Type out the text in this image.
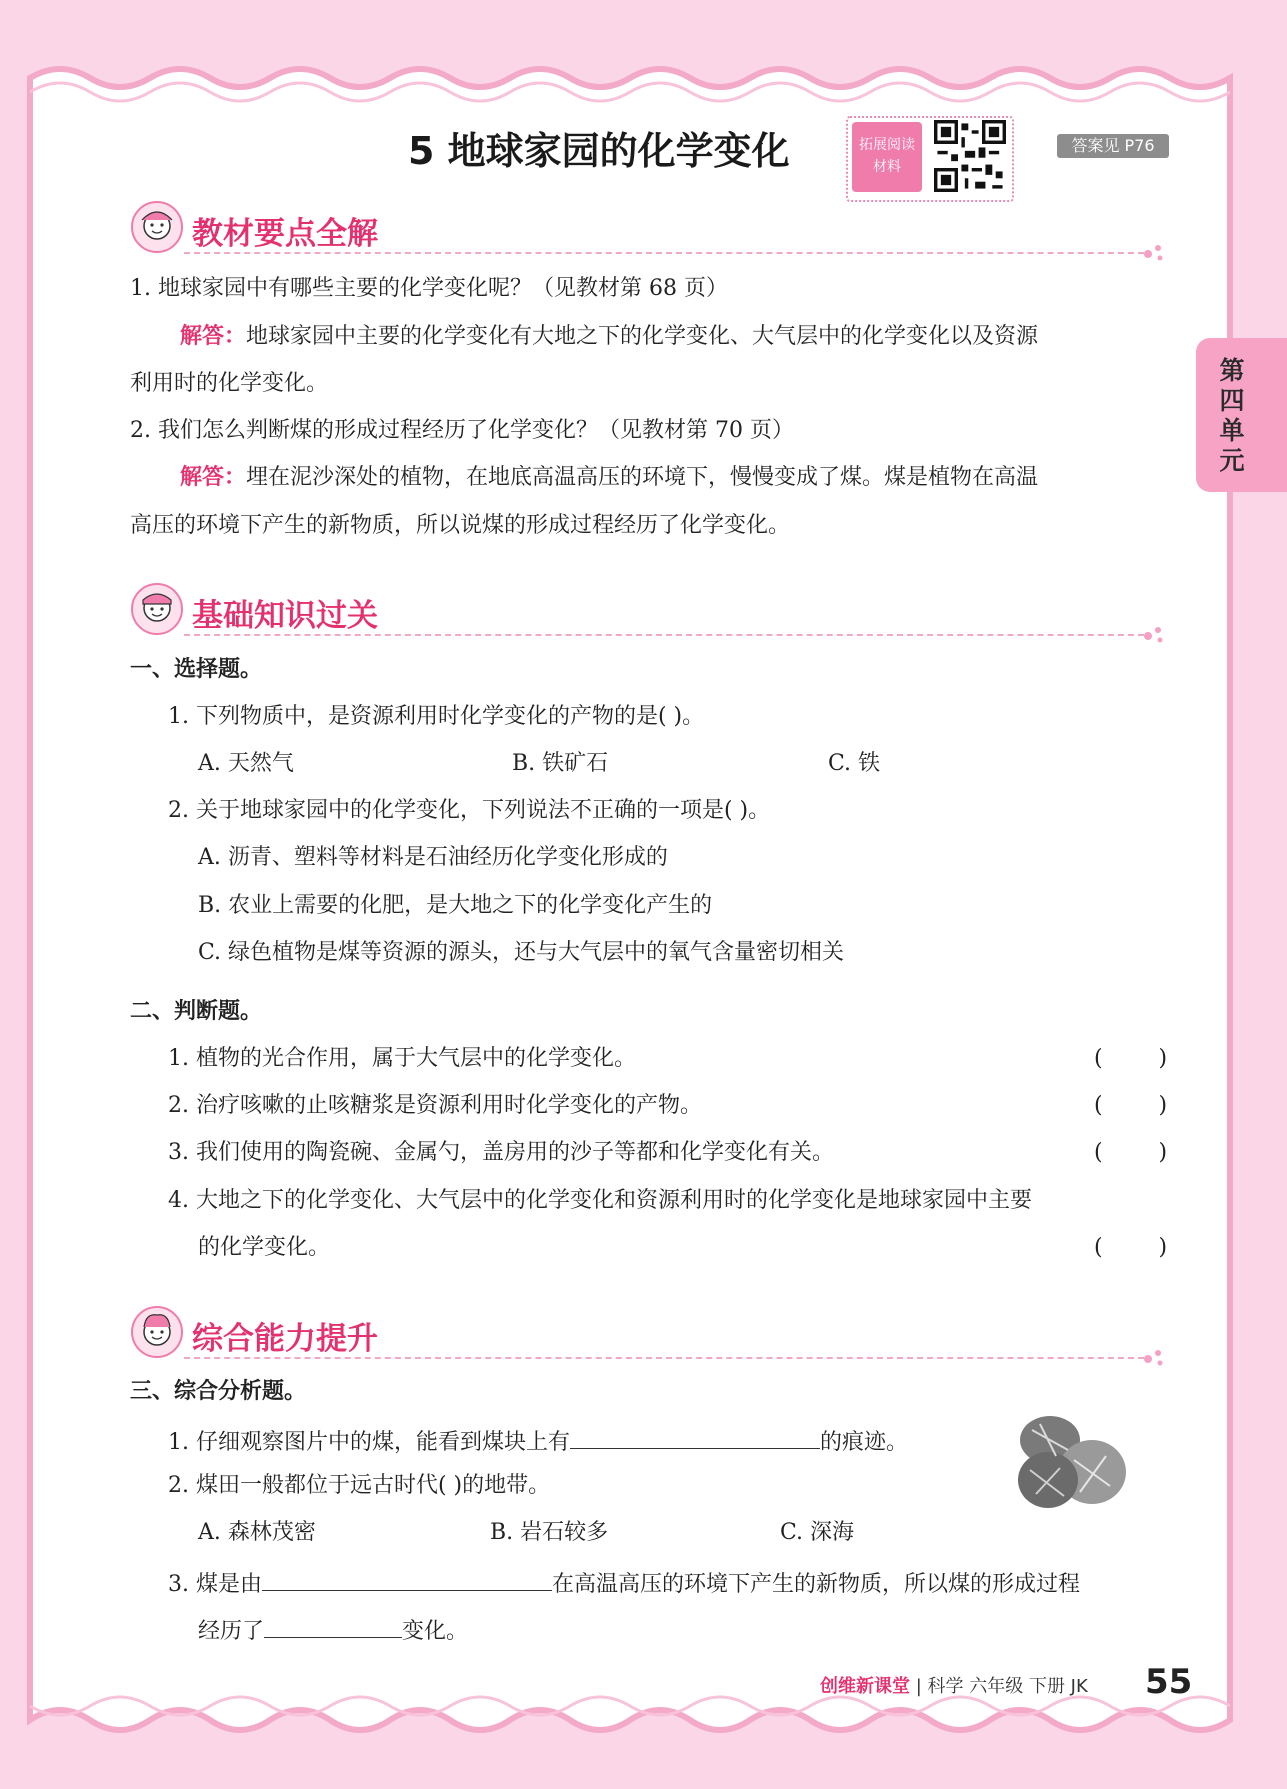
5 地球家园的化学变化	拓展阅读
材料
答案见 P76
第四单元
教材要点全解
1. 地球家园中有哪些主要的化学变化呢？（见教材第 68 页）
解答：地球家园中主要的化学变化有大地之下的化学变化、大气层中的化学变化以及资源
利用时的化学变化。
2. 我们怎么判断煤的形成过程经历了化学变化？（见教材第 70 页）
解答：埋在泥沙深处的植物，在地底高温高压的环境下，慢慢变成了煤。煤是植物在高温
高压的环境下产生的新物质，所以说煤的形成过程经历了化学变化。
基础知识过关
一、选择题。
1. 下列物质中，是资源利用时化学变化的产物的是( )。
A. 天然气	B. 铁矿石	C. 铁
2. 关于地球家园中的化学变化，下列说法不正确的一项是( )。
A. 沥青、塑料等材料是石油经历化学变化形成的
B. 农业上需要的化肥，是大地之下的化学变化产生的
C. 绿色植物是煤等资源的源头，还与大气层中的氧气含量密切相关
二、判断题。
1. 植物的光合作用，属于大气层中的化学变化。	(        )
2. 治疗咳嗽的止咳糖浆是资源利用时化学变化的产物。	(        )
3. 我们使用的陶瓷碗、金属勺，盖房用的沙子等都和化学变化有关。	(        )
4. 大地之下的化学变化、大气层中的化学变化和资源利用时的化学变化是地球家园中主要
的化学变化。	(        )
综合能力提升
三、综合分析题。
1. 仔细观察图片中的煤，能看到煤块上有	的痕迹。
2. 煤田一般都位于远古时代( )的地带。
A. 森林茂密	B. 岩石较多	C. 深海
3. 煤是由	在高温高压的环境下产生的新物质，所以煤的形成过程
经历了	变化。
创维新课堂 | 科学 六年级 下册 JK 55
